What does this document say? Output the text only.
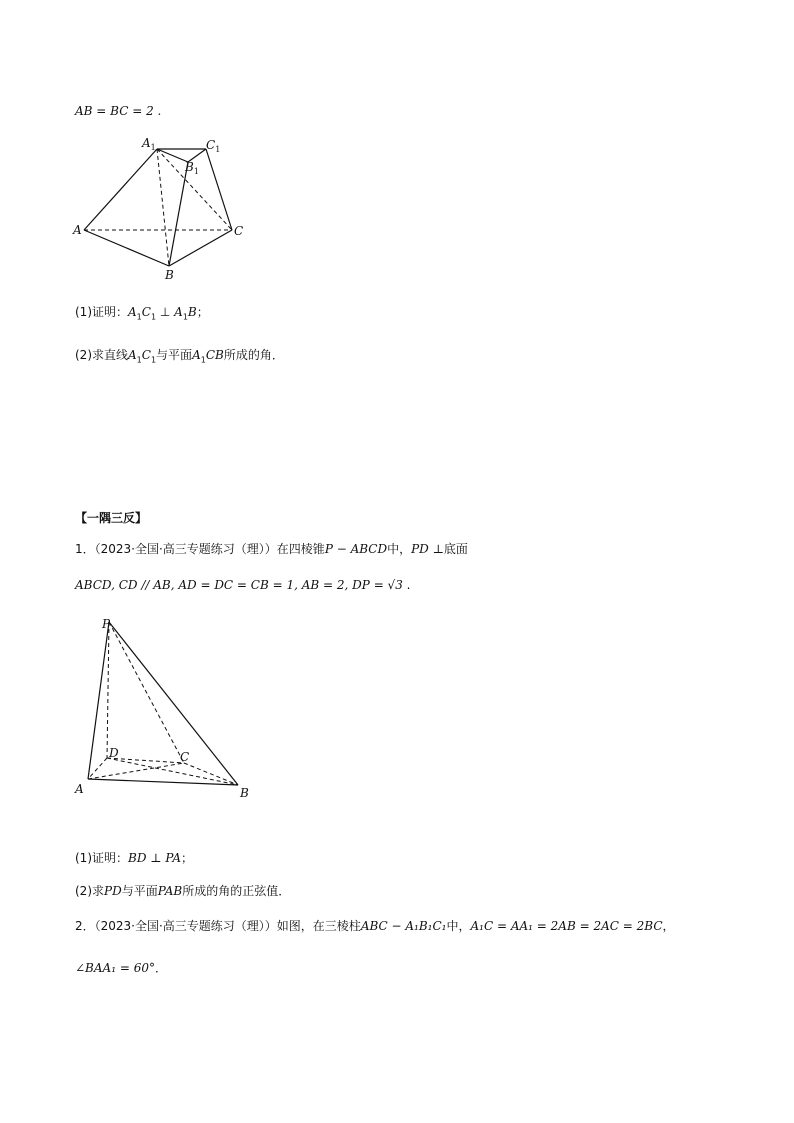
AB = BC = 2 .
$A_1$	$C_1$
$B_1$
A	C
B
(1)证明：$A_1C_1$ ⊥ $A_1B$；
(2)求直线$A_1C_1$与平面$A_1CB$所成的角．
【一隅三反】
1．（2023·全国·高三专题练习（理））在四棱锥P − ABCD中，PD ⊥底面
ABCD, CD // AB, AD = DC = CB = 1, AB = 2, DP = √3 .
P
D	C
A	B
(1)证明：BD ⊥ PA；
(2)求PD与平面PAB所成的角的正弦值．
2．（2023·全国·高三专题练习（理））如图，在三棱柱ABC − A₁B₁C₁中，A₁C = AA₁ = 2AB = 2AC = 2BC，
∠BAA₁ = 60°．
